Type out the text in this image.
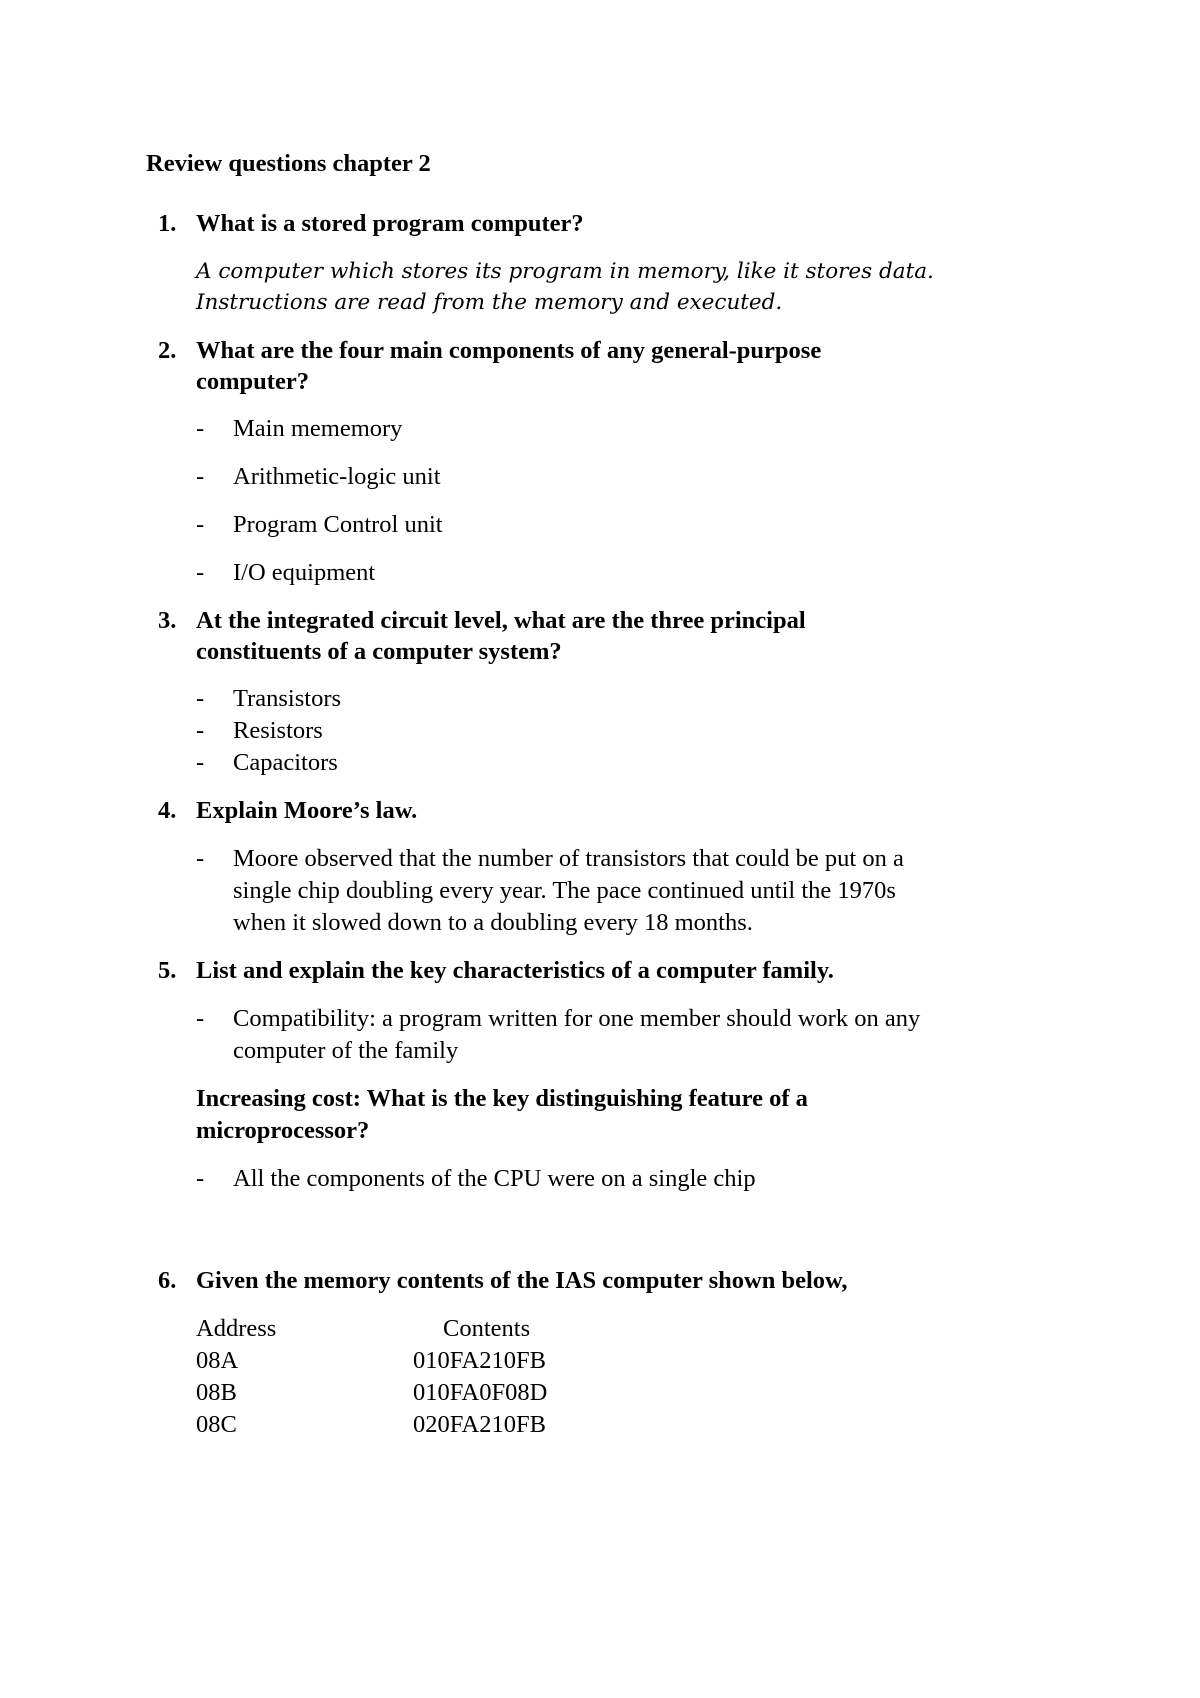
Review questions chapter 2
1. What is a stored program computer?
A computer which stores its program in memory, like it stores data.
Instructions are read from the memory and executed.
2. What are the four main components of any general-purpose
computer?
- Main mememory
- Arithmetic-logic unit
- Program Control unit
- I/O equipment
3. At the integrated circuit level, what are the three principal
constituents of a computer system?
- Transistors
- Resistors
- Capacitors
4. Explain Moore’s law.
- Moore observed that the number of transistors that could be put on a
single chip doubling every year. The pace continued until the 1970s
when it slowed down to a doubling every 18 months.
5. List and explain the key characteristics of a computer family.
- Compatibility: a program written for one member should work on any
computer of the family
Increasing cost: What is the key distinguishing feature of a
microprocessor?
- All the components of the CPU were on a single chip
6. Given the memory contents of the IAS computer shown below,
Address	Contents
08A	010FA210FB
08B	010FA0F08D
08C	020FA210FB
